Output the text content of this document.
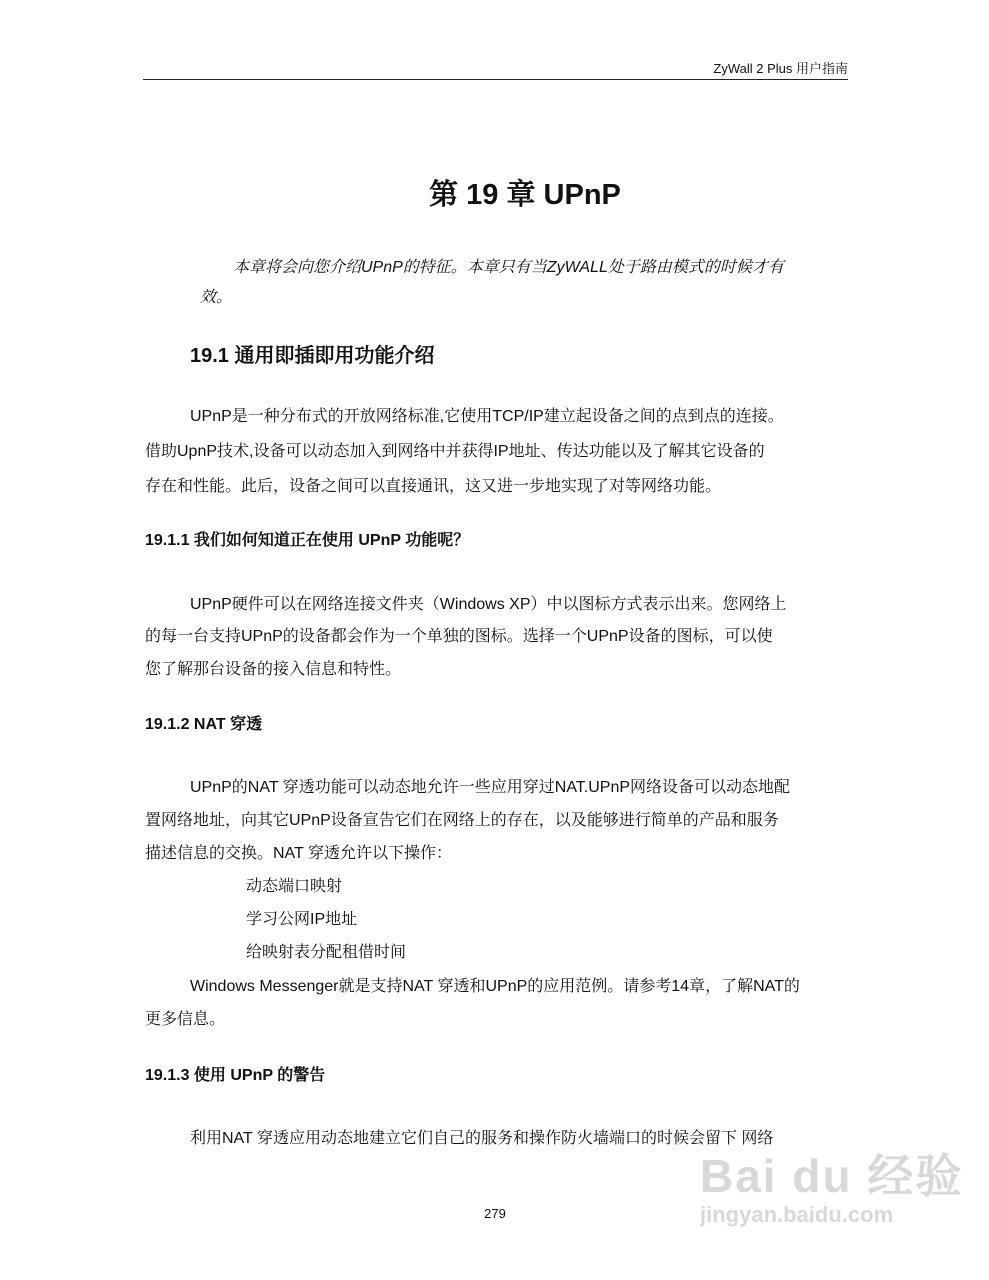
ZyWall 2 Plus 用户指南
第 19 章 UPnP
本章将会向您介绍UPnP的特征。本章只有当ZyWALL处于路由模式的时候才有
效。
19.1 通用即插即用功能介绍
UPnP是一种分布式的开放网络标准,它使用TCP/IP建立起设备之间的点到点的连接。
借助UpnP技术,设备可以动态加入到网络中并获得IP地址、传达功能以及了解其它设备的
存在和性能。此后，设备之间可以直接通讯，这又进一步地实现了对等网络功能。
19.1.1 我们如何知道正在使用 UPnP 功能呢？
UPnP硬件可以在网络连接文件夹（Windows XP）中以图标方式表示出来。您网络上
的每一台支持UPnP的设备都会作为一个单独的图标。选择一个UPnP设备的图标，可以使
您了解那台设备的接入信息和特性。
19.1.2 NAT 穿透
UPnP的NAT 穿透功能可以动态地允许一些应用穿过NAT.UPnP网络设备可以动态地配
置网络地址，向其它UPnP设备宣告它们在网络上的存在，以及能够进行简单的产品和服务
描述信息的交换。NAT 穿透允许以下操作：
动态端口映射
学习公网IP地址
给映射表分配租借时间
Windows Messenger就是支持NAT 穿透和UPnP的应用范例。请参考14章，了解NAT的
更多信息。
19.1.3 使用 UPnP 的警告
利用NAT 穿透应用动态地建立它们自己的服务和操作防火墙端口的时候会留下 网络
279
Bai du 经验
jingyan.baidu.com
